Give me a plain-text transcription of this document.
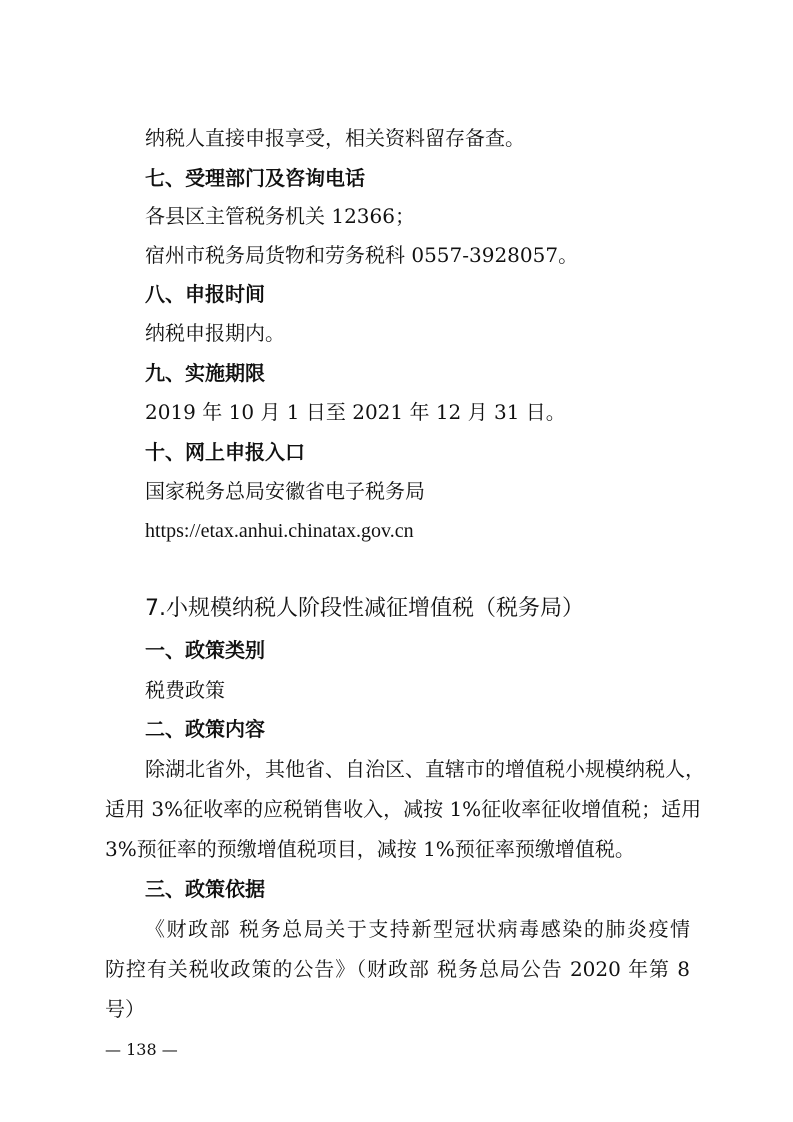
纳税人直接申报享受，相关资料留存备查。
七、受理部门及咨询电话
各县区主管税务机关 12366；
宿州市税务局货物和劳务税科 0557-3928057。
八、申报时间
纳税申报期内。
九、实施期限
2019 年 10 月 1 日至 2021 年 12 月 31 日。
十、网上申报入口
国家税务总局安徽省电子税务局
https://etax.anhui.chinatax.gov.cn
7.小规模纳税人阶段性减征增值税（税务局）
一、政策类别
税费政策
二、政策内容
除湖北省外，其他省、自治区、直辖市的增值税小规模纳税人，
适用 3%征收率的应税销售收入，减按 1%征收率征收增值税；适用
3%预征率的预缴增值税项目，减按 1%预征率预缴增值税。
三、政策依据
《财政部 税务总局关于支持新型冠状病毒感染的肺炎疫情
防控有关税收政策的公告》（财政部 税务总局公告 2020 年第 8
号）
— 138 —
